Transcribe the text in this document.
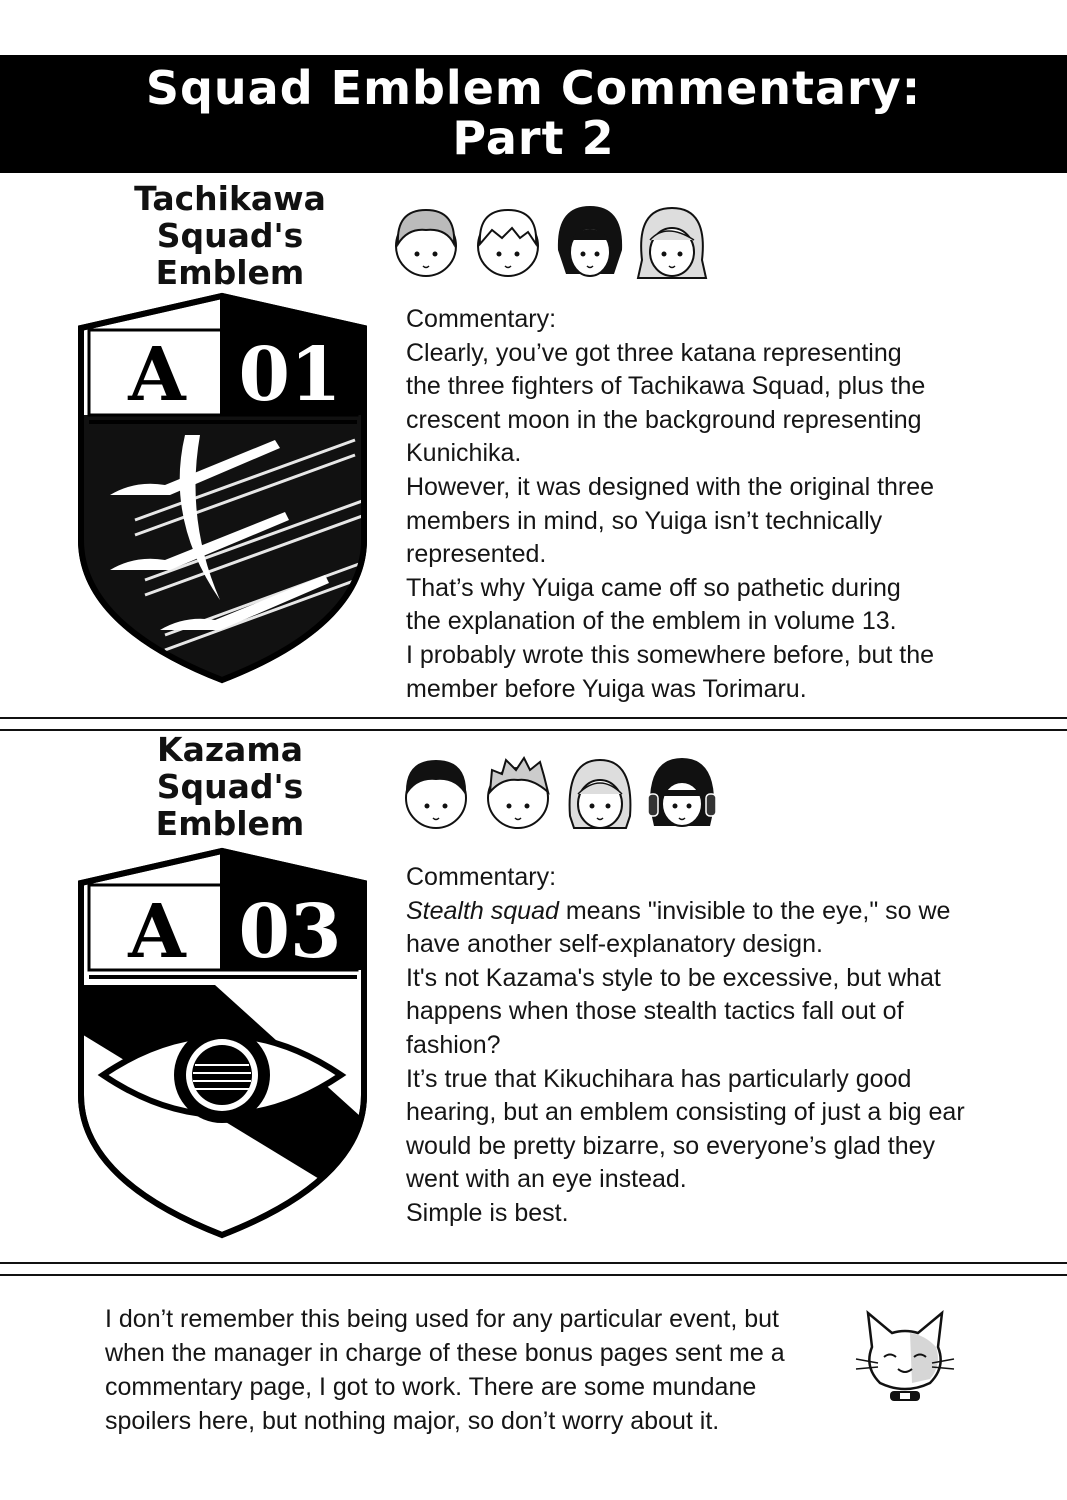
Squad Emblem Commentary:
Part 2
Tachikawa
Squad's
Emblem
A 01
Commentary:
Clearly, you’ve got three katana representing
the three fighters of Tachikawa Squad, plus the
crescent moon in the background representing
Kunichika.
However, it was designed with the original three
members in mind, so Yuiga isn’t technically
represented.
That’s why Yuiga came off so pathetic during
the explanation of the emblem in volume 13.
I probably wrote this somewhere before, but the
member before Yuiga was Torimaru.
Kazama
Squad's
Emblem
A 03
Commentary:
Stealth squad means "invisible to the eye," so we
have another self-explanatory design.
It's not Kazama's style to be excessive, but what
happens when those stealth tactics fall out of
fashion?
It’s true that Kikuchihara has particularly good
hearing, but an emblem consisting of just a big ear
would be pretty bizarre, so everyone’s glad they
went with an eye instead.
Simple is best.
I don’t remember this being used for any particular event, but
when the manager in charge of these bonus pages sent me a
commentary page, I got to work. There are some mundane
spoilers here, but nothing major, so don’t worry about it.
